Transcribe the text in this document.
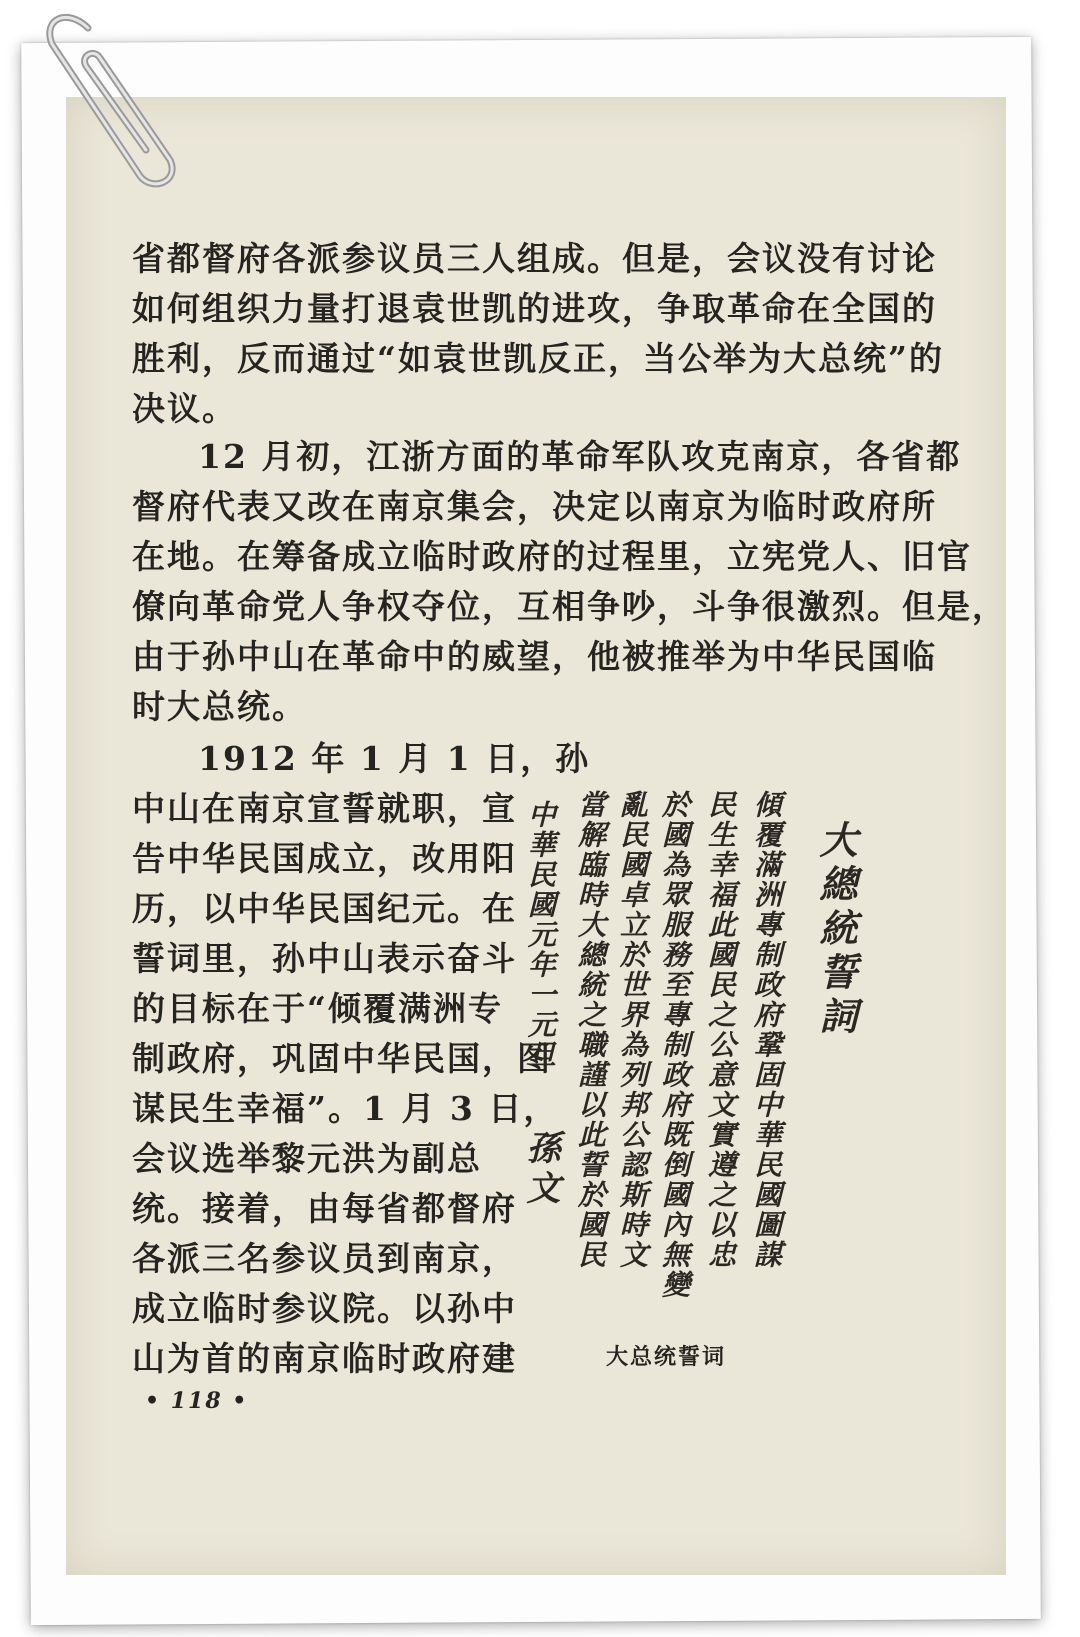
省都督府各派参议员三人组成。但是，会议没有讨论
如何组织力量打退袁世凯的进攻，争取革命在全国的
胜利，反而通过“如袁世凯反正，当公举为大总统”的
决议。
12 月初，江浙方面的革命军队攻克南京，各省都
督府代表又改在南京集会，决定以南京为临时政府所
在地。在筹备成立临时政府的过程里，立宪党人、旧官
僚向革命党人争权夺位，互相争吵，斗争很激烈。但是，
由于孙中山在革命中的威望，他被推举为中华民国临
时大总统。
1912 年 1 月 1 日，孙
中山在南京宣誓就职，宣
告中华民国成立，改用阳
历，以中华民国纪元。在
誓词里，孙中山表示奋斗
的目标在于“倾覆满洲专
制政府，巩固中华民国，图
谋民生幸福”。1 月 3 日，
会议选举黎元洪为副总
统。接着，由每省都督府
各派三名参议员到南京，
成立临时参议院。以孙中
山为首的南京临时政府建
大總統誓詞
傾覆滿洲專制政府鞏固中華民國圖謀
民生幸福此國民之公意文實遵之以忠
於國為眾服務至專制政府既倒國內無變
亂民國卓立於世界為列邦公認斯時文
當解臨時大總統之職謹以此誓於國民
中華民國元年一元旦
孫文
大总统誓词
• 118 •
